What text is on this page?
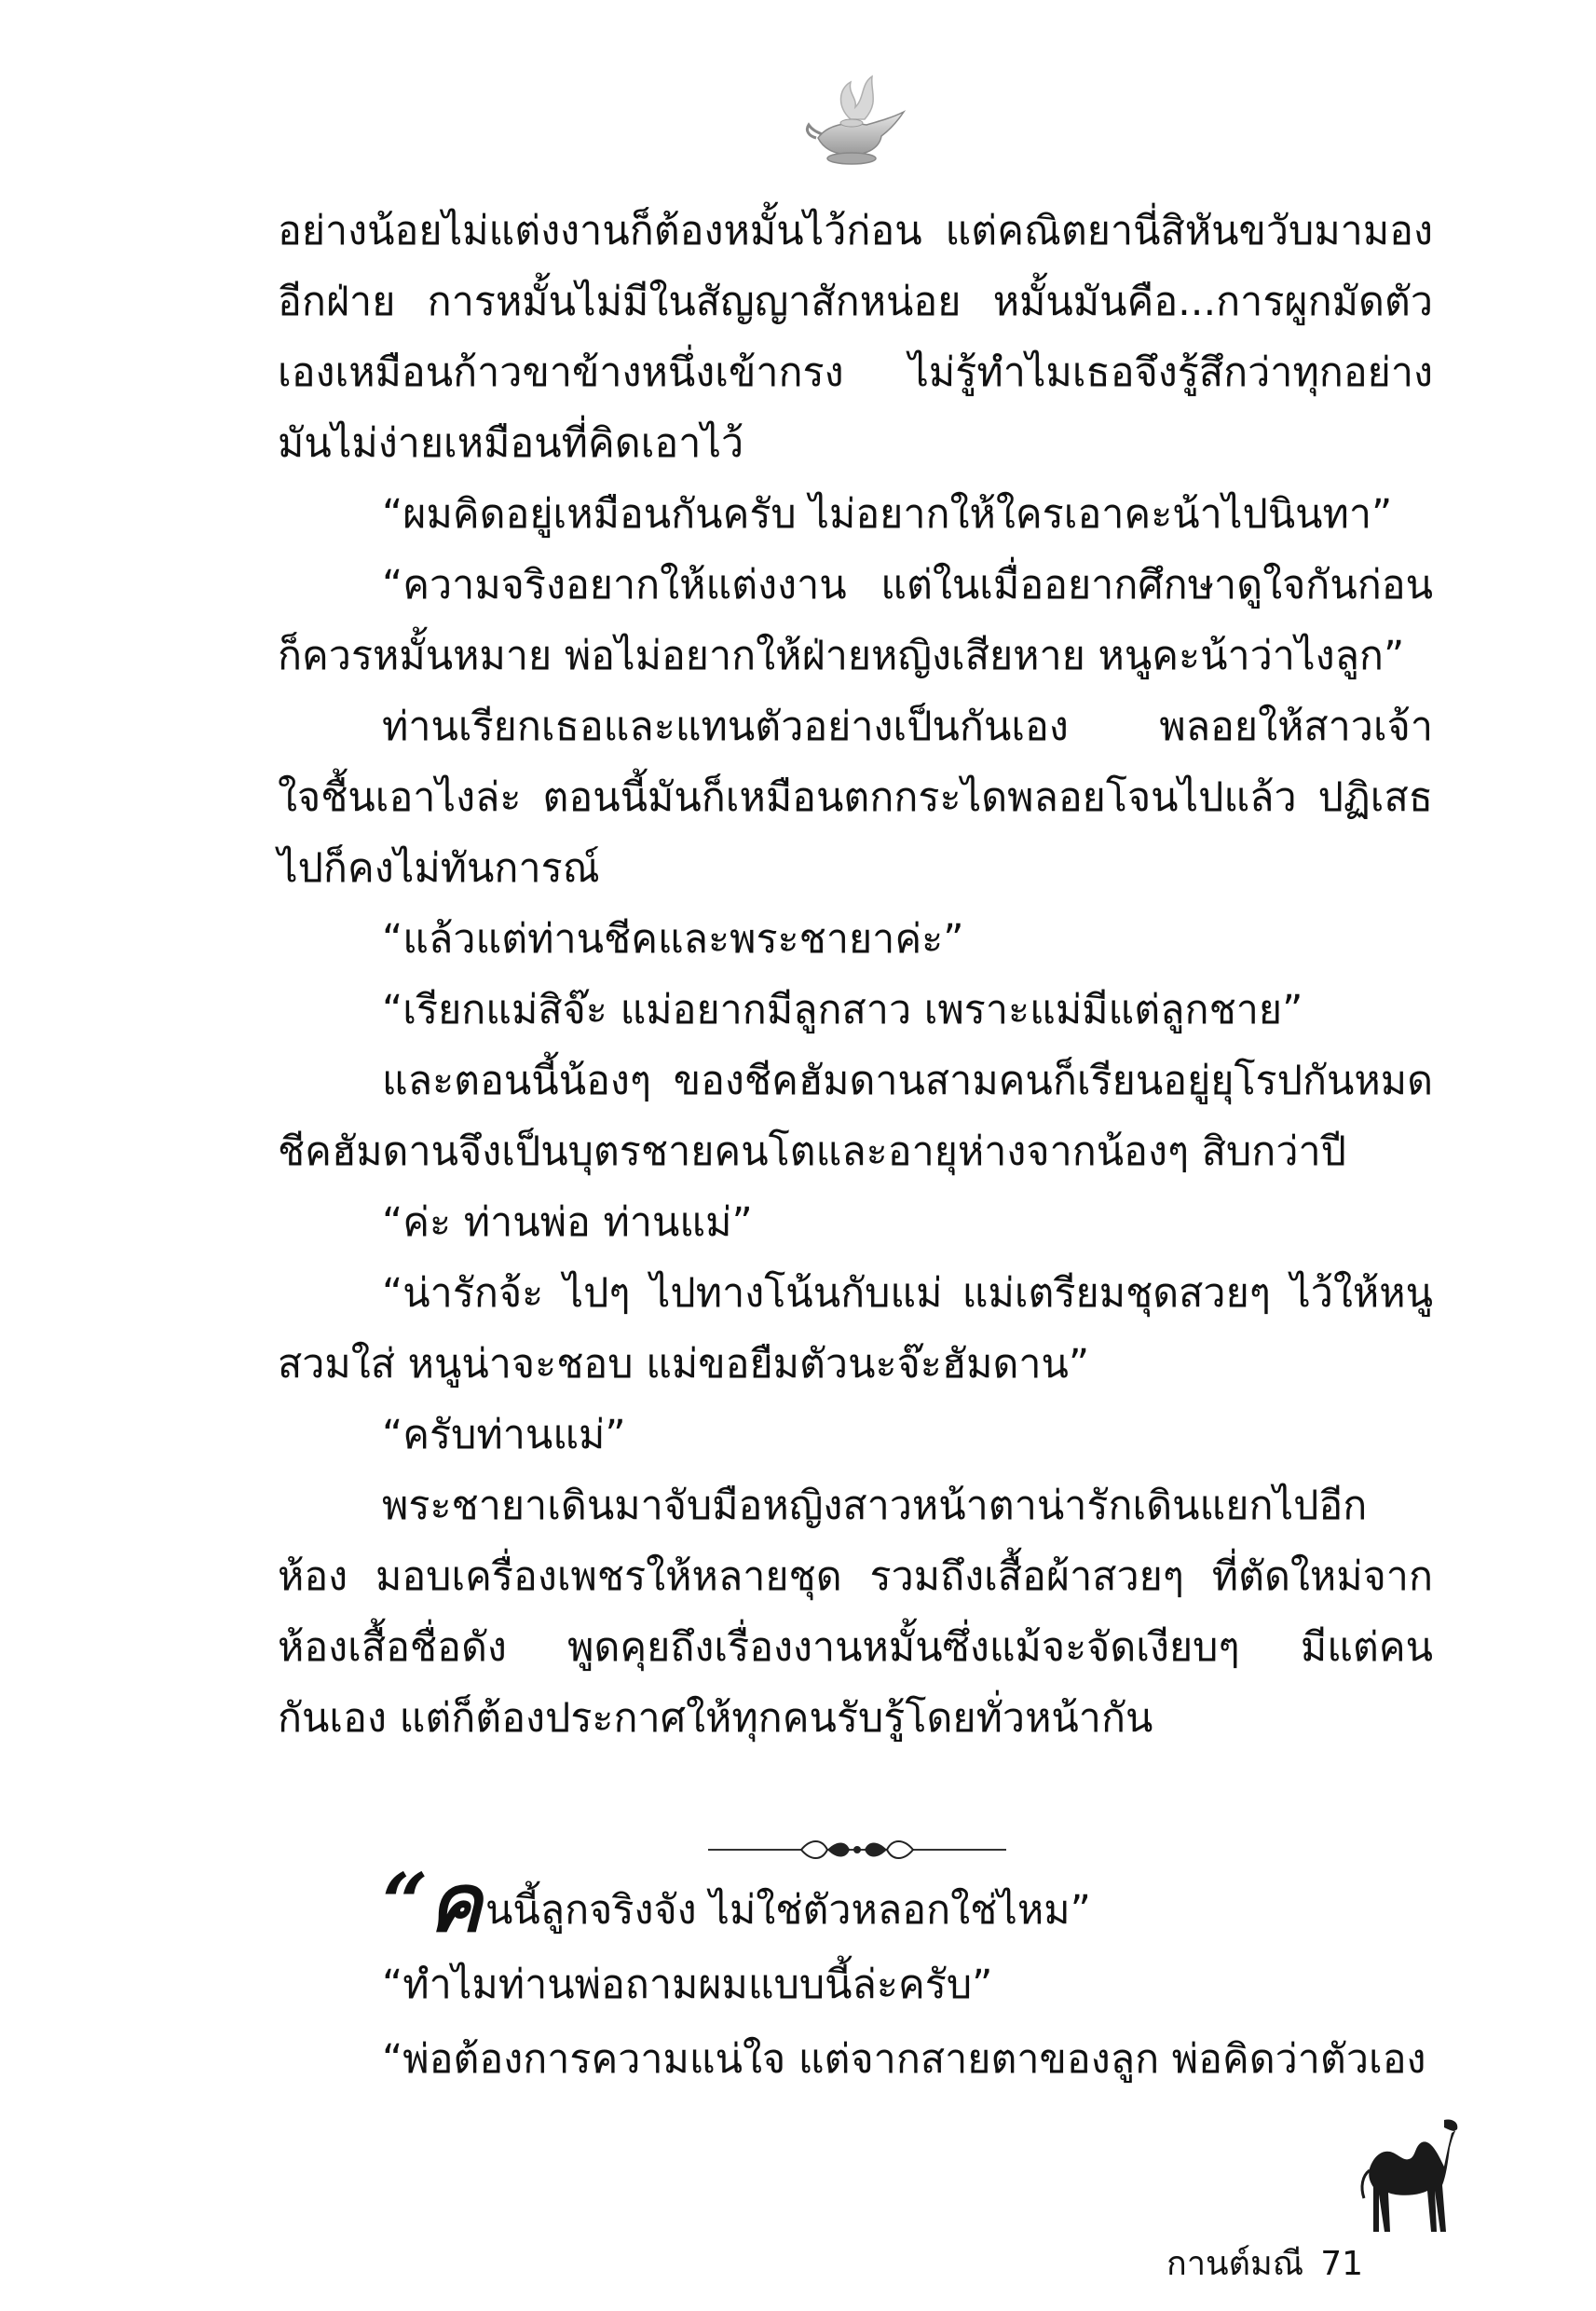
อย่างน้อยไม่แต่งงานก็ต้องหมั้นไว้ก่อน แต่คณิตยานี่สิหันขวับมามองอีกฝ่าย การหมั้นไม่มีในสัญญาสักหน่อย หมั้นมันคือ...การผูกมัดตัวเองเหมือนก้าวขาข้างหนึ่งเข้ากรง ไม่รู้ทำไมเธอจึงรู้สึกว่าทุกอย่างมันไม่ง่ายเหมือนที่คิดเอาไว้

“ผมคิดอยู่เหมือนกันครับ ไม่อยากให้ใครเอาคะน้าไปนินทา”

“ความจริงอยากให้แต่งงาน แต่ในเมื่ออยากศึกษาดูใจกันก่อนก็ควรหมั้นหมาย พ่อไม่อยากให้ฝ่ายหญิงเสียหาย หนูคะน้าว่าไงลูก”

ท่านเรียกเธอและแทนตัวอย่างเป็นกันเอง พลอยให้สาวเจ้าใจชื้นเอาไงล่ะ ตอนนี้มันก็เหมือนตกกระไดพลอยโจนไปแล้ว ปฏิเสธไปก็คงไม่ทันการณ์

“แล้วแต่ท่านชีคและพระชายาค่ะ”

“เรียกแม่สิจ๊ะ แม่อยากมีลูกสาว เพราะแม่มีแต่ลูกชาย”

และตอนนี้น้องๆ ของชีคฮัมดานสามคนก็เรียนอยู่ยุโรปกันหมด ชีคฮัมดานจึงเป็นบุตรชายคนโตและอายุห่างจากน้องๆ สิบกว่าปี

“ค่ะ ท่านพ่อ ท่านแม่”

“น่ารักจ้ะ ไปๆ ไปทางโน้นกับแม่ แม่เตรียมชุดสวยๆ ไว้ให้หนูสวมใส่ หนูน่าจะชอบ แม่ขอยืมตัวนะจ๊ะฮัมดาน”

“ครับท่านแม่”

พระชายาเดินมาจับมือหญิงสาวหน้าตาน่ารักเดินแยกไปอีกห้อง มอบเครื่องเพชรให้หลายชุด รวมถึงเสื้อผ้าสวยๆ ที่ตัดใหม่จากห้องเสื้อชื่อดัง พูดคุยถึงเรื่องงานหมั้นซึ่งแม้จะจัดเงียบๆ มีแต่คนกันเอง แต่ก็ต้องประกาศให้ทุกคนรับรู้โดยทั่วหน้ากัน

“คนนี้ลูกจริงจัง ไม่ใช่ตัวหลอกใช่ไหม”

“ทำไมท่านพ่อถามผมแบบนี้ล่ะครับ”

“พ่อต้องการความแน่ใจ แต่จากสายตาของลูก พ่อคิดว่าตัวเอง

กานต์มณี 71
